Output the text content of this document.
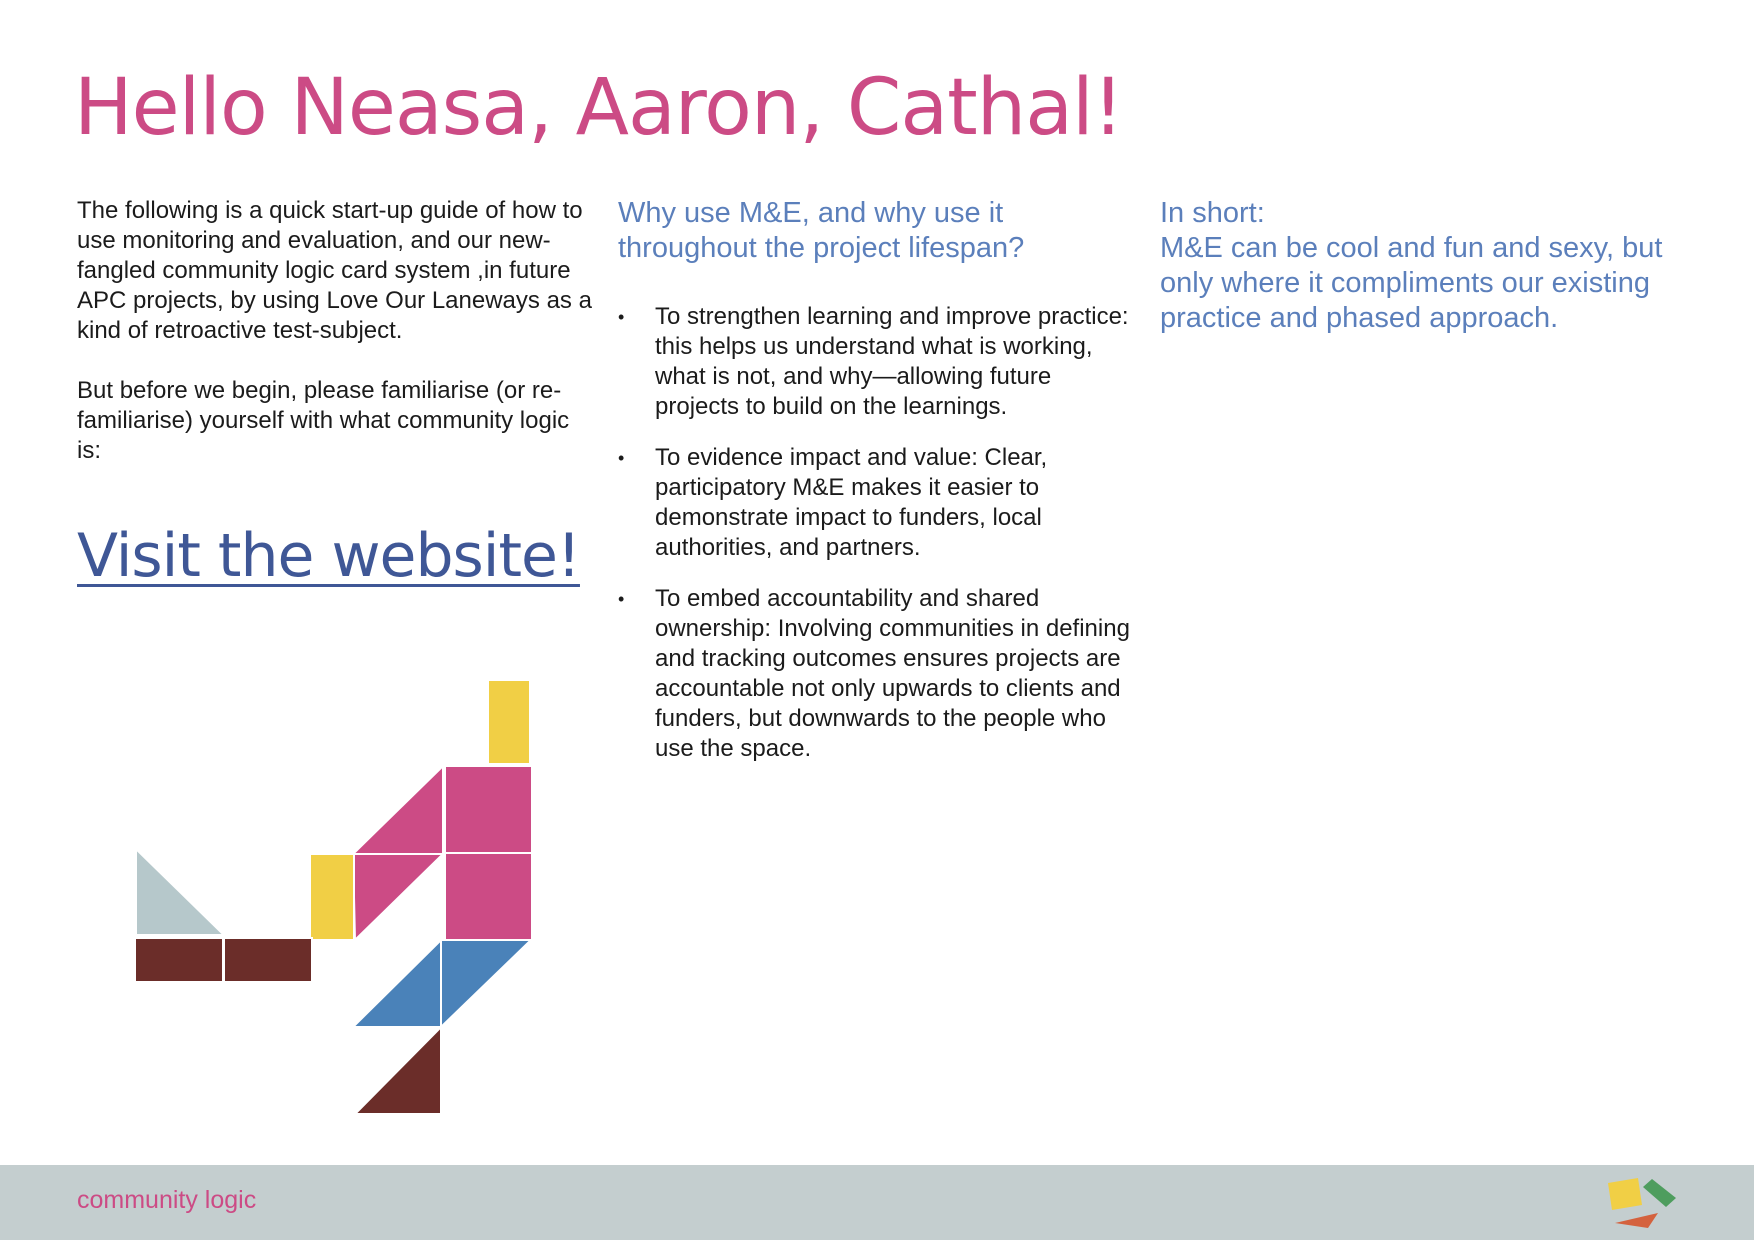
Hello Neasa, Aaron, Cathal!

The following is a quick start-up guide of how to use monitoring and evaluation, and our new-fangled community logic card system ,in future APC projects, by using Love Our Laneways as a kind of retroactive test-subject.

But before we begin, please familiarise (or re-familiarise) yourself with what community logic is:

Visit the website!
Why use M&E, and why use it throughout the project lifespan?
• To strengthen learning and improve practice: this helps us understand what is working, what is not, and why—allowing future projects to build on the learnings.
• To evidence impact and value: Clear, participatory M&E makes it easier to demonstrate impact to funders, local authorities, and partners.
• To embed accountability and shared ownership: Involving communities in defining and tracking outcomes ensures projects are accountable not only upwards to clients and funders, but downwards to the people who use the space.

In short:

M&E can be cool and fun and sexy, but only where it compliments our existing practice and phased approach.

community logic
